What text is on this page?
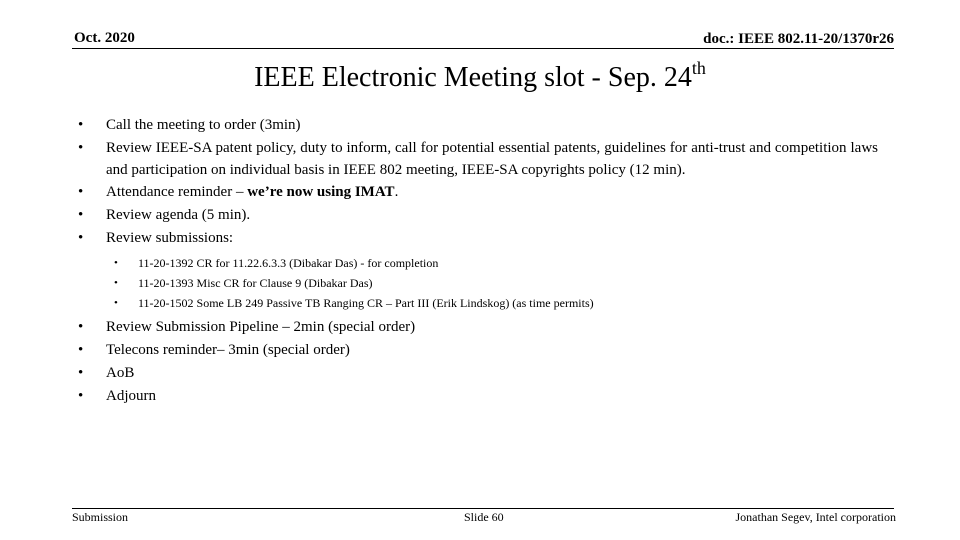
Oct. 2020	doc.: IEEE 802.11-20/1370r26
IEEE Electronic Meeting slot - Sep. 24th
• Call the meeting to order (3min)
• Review IEEE-SA patent policy, duty to inform, call for potential essential patents, guidelines for anti-trust and competition laws and participation on individual basis in IEEE 802 meeting, IEEE-SA copyrights policy (12 min).
• Attendance reminder – we’re now using IMAT.
• Review agenda (5 min).
• Review submissions:
• 11-20-1392 CR for 11.22.6.3.3 (Dibakar Das) - for completion
• 11-20-1393 Misc CR for Clause 9 (Dibakar Das)
• 11-20-1502 Some LB 249 Passive TB Ranging CR – Part III (Erik Lindskog) (as time permits)
• Review Submission Pipeline – 2min (special order)
• Telecons reminder– 3min (special order)
• AoB
• Adjourn
Submission	Slide 60	Jonathan Segev, Intel corporation
